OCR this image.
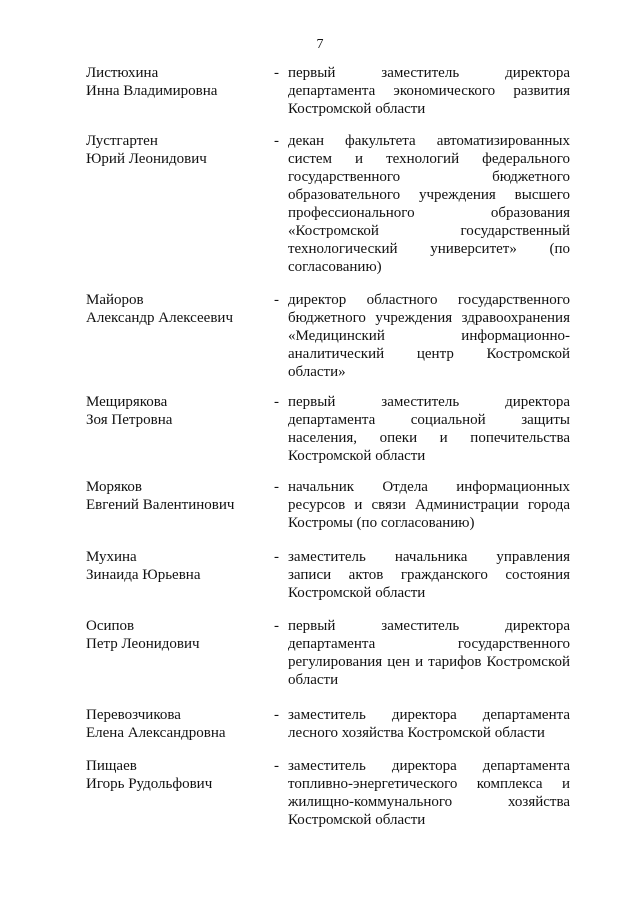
7
Листюхина
Инна Владимировна
- первый заместитель директора
департамента экономического развития
Костромской области
Лустгартен
Юрий Леонидович
- декан факультета автоматизированных
систем и технологий федерального
государственного бюджетного
образовательного учреждения высшего
профессионального образования
«Костромской государственный
технологический университет» (по
согласованию)
Майоров
Александр Алексеевич
- директор областного государственного
бюджетного учреждения здравоохранения
«Медицинский информационно-
аналитический центр Костромской
области»
Мещирякова
Зоя Петровна
- первый заместитель директора
департамента социальной защиты
населения, опеки и попечительства
Костромской области
Моряков
Евгений Валентинович
- начальник Отдела информационных
ресурсов и связи Администрации города
Костромы (по согласованию)
Мухина
Зинаида Юрьевна
- заместитель начальника управления
записи актов гражданского состояния
Костромской области
Осипов
Петр Леонидович
- первый заместитель директора
департамента государственного
регулирования цен и тарифов Костромской
области
Перевозчикова
Елена Александровна
- заместитель директора департамента
лесного хозяйства Костромской области
Пищаев
Игорь Рудольфович
- заместитель директора департамента
топливно-энергетического комплекса и
жилищно-коммунального хозяйства
Костромской области
